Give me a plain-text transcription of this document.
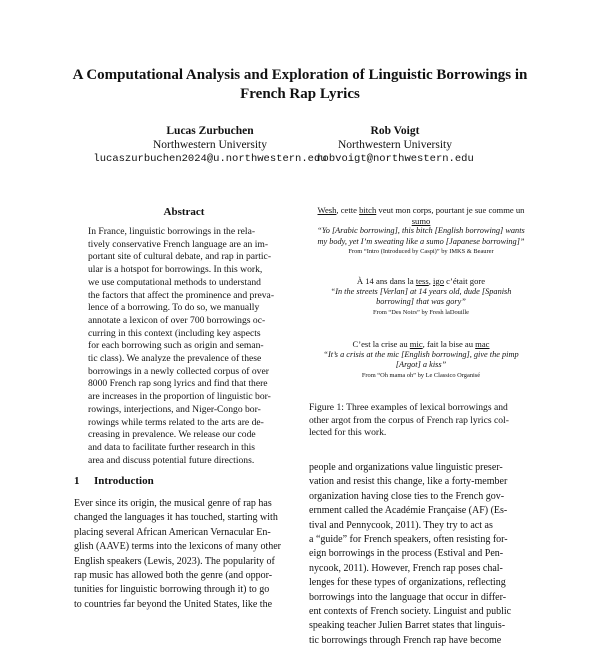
A Computational Analysis and Exploration of Linguistic Borrowings in
French Rap Lyrics
Lucas Zurbuchen
Northwestern University
lucaszurbuchen2024@u.northwestern.edu
Rob Voigt
Northwestern University
robvoigt@northwestern.edu
Abstract

In France, linguistic borrowings in the rela-
tively conservative French language are an im-
portant site of cultural debate, and rap in partic-
ular is a hotspot for borrowings. In this work,
we use computational methods to understand
the factors that affect the prominence and preva-
lence of a borrowing. To do so, we manually
annotate a lexicon of over 700 borrowings oc-
curring in this context (including key aspects
for each borrowing such as origin and seman-
tic class). We analyze the prevalence of these
borrowings in a newly collected corpus of over
8000 French rap song lyrics and find that there
are increases in the proportion of linguistic bor-
rowings, interjections, and Niger-Congo bor-
rowings while terms related to the arts are de-
creasing in prevalence. We release our code
and data to facilitate further research in this
area and discuss potential future directions.

1 Introduction

Ever since its origin, the musical genre of rap has
changed the languages it has touched, starting with
placing several African American Vernacular En-
glish (AAVE) terms into the lexicons of many other
English speakers (Lewis, 2023). The popularity of
rap music has allowed both the genre (and oppor-
tunities for linguistic borrowing through it) to go
to countries far beyond the United States, like the

Wesh, cette bitch veut mon corps, pourtant je sue comme un
sumo
“Yo [Arabic borrowing], this bitch [English borrowing] wants
my body, yet I’m sweating like a sumo [Japanese borrowing]”
From “Intro (Introduced by Caspi)” by IMKS & Beaurer
À 14 ans dans la tess, igo c’était gore
“In the streets [Verlan] at 14 years old, dude [Spanish
borrowing] that was gory”
From “Des Noirs” by Fresh laDouille
C’est la crise au mic, fait la bise au mac
“It’s a crisis at the mic [English borrowing], give the pimp
[Argot] a kiss”
From “Oh mama oh” by Le Classico Organisé

Figure 1: Three examples of lexical borrowings and
other argot from the corpus of French rap lyrics col-
lected for this work.

people and organizations value linguistic preser-
vation and resist this change, like a forty-member
organization having close ties to the French gov-
ernment called the Académie Française (AF) (Es-
tival and Pennycook, 2011). They try to act as
a “guide” for French speakers, often resisting for-
eign borrowings in the process (Estival and Pen-
nycook, 2011). However, French rap poses chal-
lenges for these types of organizations, reflecting
borrowings into the language that occur in differ-
ent contexts of French society. Linguist and public
speaking teacher Julien Barret states that linguis-
tic borrowings through French rap have become
